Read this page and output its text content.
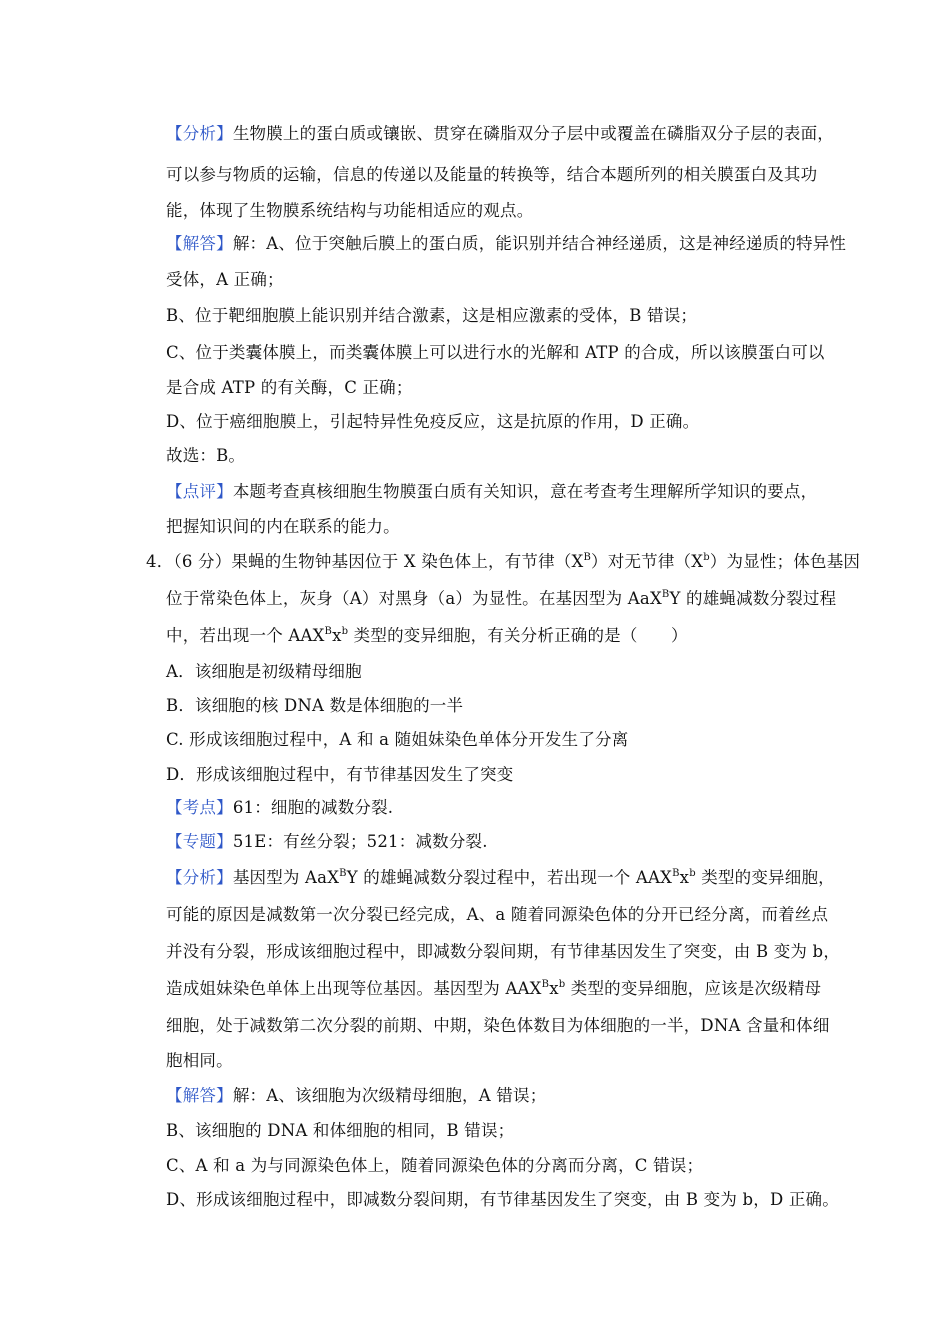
【分析】生物膜上的蛋白质或镶嵌、贯穿在磷脂双分子层中或覆盖在磷脂双分子层的表面，
可以参与物质的运输，信息的传递以及能量的转换等，结合本题所列的相关膜蛋白及其功
能，体现了生物膜系统结构与功能相适应的观点。
【解答】解：A、位于突触后膜上的蛋白质，能识别并结合神经递质，这是神经递质的特异性
受体，A 正确；
B、位于靶细胞膜上能识别并结合激素，这是相应激素的受体，B 错误；
C、位于类囊体膜上，而类囊体膜上可以进行水的光解和 ATP 的合成，所以该膜蛋白可以
是合成 ATP 的有关酶，C 正确；
D、位于癌细胞膜上，引起特异性免疫反应，这是抗原的作用，D 正确。
故选：B。
【点评】本题考查真核细胞生物膜蛋白质有关知识，意在考查考生理解所学知识的要点，
把握知识间的内在联系的能力。
4．（6 分）果蝇的生物钟基因位于 X 染色体上，有节律$(X^B)$对无节律$(X^b)$为显性；体色基因
位于常染色体上，灰身（A）对黑身（a）为显性。在基因型为 AaX$^B$Y 的雄蝇减数分裂过程
中，若出现一个 $AAX^Bx^b$ 类型的变异细胞，有关分析正确的是（　　）
A．该细胞是初级精母细胞
B．该细胞的核 DNA 数是体细胞的一半
C. 形成该细胞过程中，A 和 a 随姐妹染色单体分开发生了分离
D．形成该细胞过程中，有节律基因发生了突变
【考点】61：细胞的减数分裂.
【专题】51E：有丝分裂；521：减数分裂.
【分析】基因型为 AaX$^B$Y 的雄蝇减数分裂过程中，若出现一个 $AAX^Bx^b$ 类型的变异细胞，
可能的原因是减数第一次分裂已经完成，A、a 随着同源染色体的分开已经分离，而着丝点
并没有分裂，形成该细胞过程中，即减数分裂间期，有节律基因发生了突变，由 B 变为 b，
造成姐妹染色单体上出现等位基因。基因型为 $AAX^Bx^b$ 类型的变异细胞，应该是次级精母
细胞，处于减数第二次分裂的前期、中期，染色体数目为体细胞的一半，DNA 含量和体细
胞相同。
【解答】解：A、该细胞为次级精母细胞，A 错误；
B、该细胞的 DNA 和体细胞的相同，B 错误；
C、A 和 a 为与同源染色体上，随着同源染色体的分离而分离，C 错误；
D、形成该细胞过程中，即减数分裂间期，有节律基因发生了突变，由 B 变为 b，D 正确。
